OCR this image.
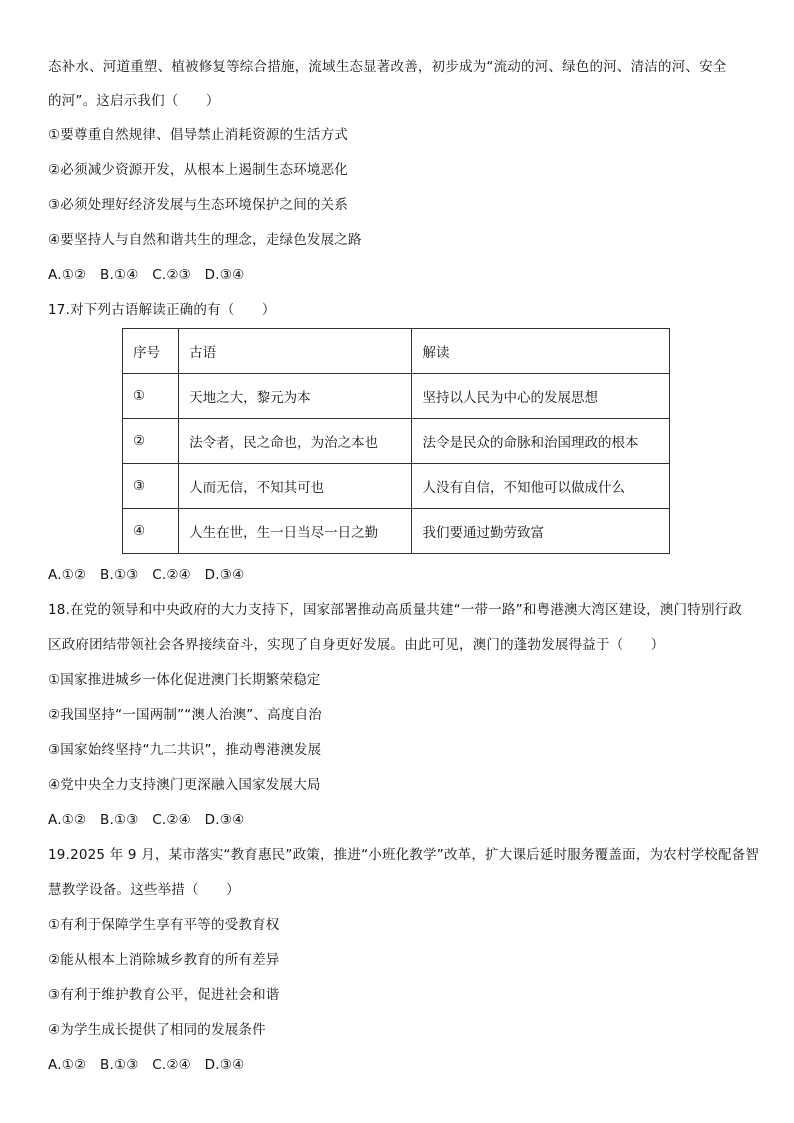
态补水、河道重塑、植被修复等综合措施，流域生态显著改善，初步成为“流动的河、绿色的河、清洁的河、安全
的河”。这启示我们（　　）
①要尊重自然规律、倡导禁止消耗资源的生活方式
②必须减少资源开发，从根本上遏制生态环境恶化
③必须处理好经济发展与生态环境保护之间的关系
④要坚持人与自然和谐共生的理念，走绿色发展之路
A.①②　B.①④　C.②③　D.③④
17.对下列古语解读正确的有（　　）
A.①②　B.①③　C.②④　D.③④
18.在党的领导和中央政府的大力支持下，国家部署推动高质量共建“一带一路”和粤港澳大湾区建设，澳门特别行政
区政府团结带领社会各界接续奋斗，实现了自身更好发展。由此可见，澳门的蓬勃发展得益于（　　）
①国家推进城乡一体化促进澳门长期繁荣稳定
②我国坚持“一国两制”“澳人治澳”、高度自治
③国家始终坚持“九二共识”，推动粤港澳发展
④党中央全力支持澳门更深融入国家发展大局
A.①②　B.①③　C.②④　D.③④
19.2025 年 9 月，某市落实“教育惠民”政策，推进“小班化教学”改革，扩大课后延时服务覆盖面，为农村学校配备智
慧教学设备。这些举措（　　）
①有利于保障学生享有平等的受教育权
②能从根本上消除城乡教育的所有差异
③有利于维护教育公平，促进社会和谐
④为学生成长提供了相同的发展条件
A.①②　B.①③　C.②④　D.③④
序号	古语	解读
①	天地之大，黎元为本	坚持以人民为中心的发展思想
②	法令者，民之命也，为治之本也	法令是民众的命脉和治国理政的根本
③	人而无信，不知其可也	人没有自信，不知他可以做成什么
④	人生在世，生一日当尽一日之勤	我们要通过勤劳致富
